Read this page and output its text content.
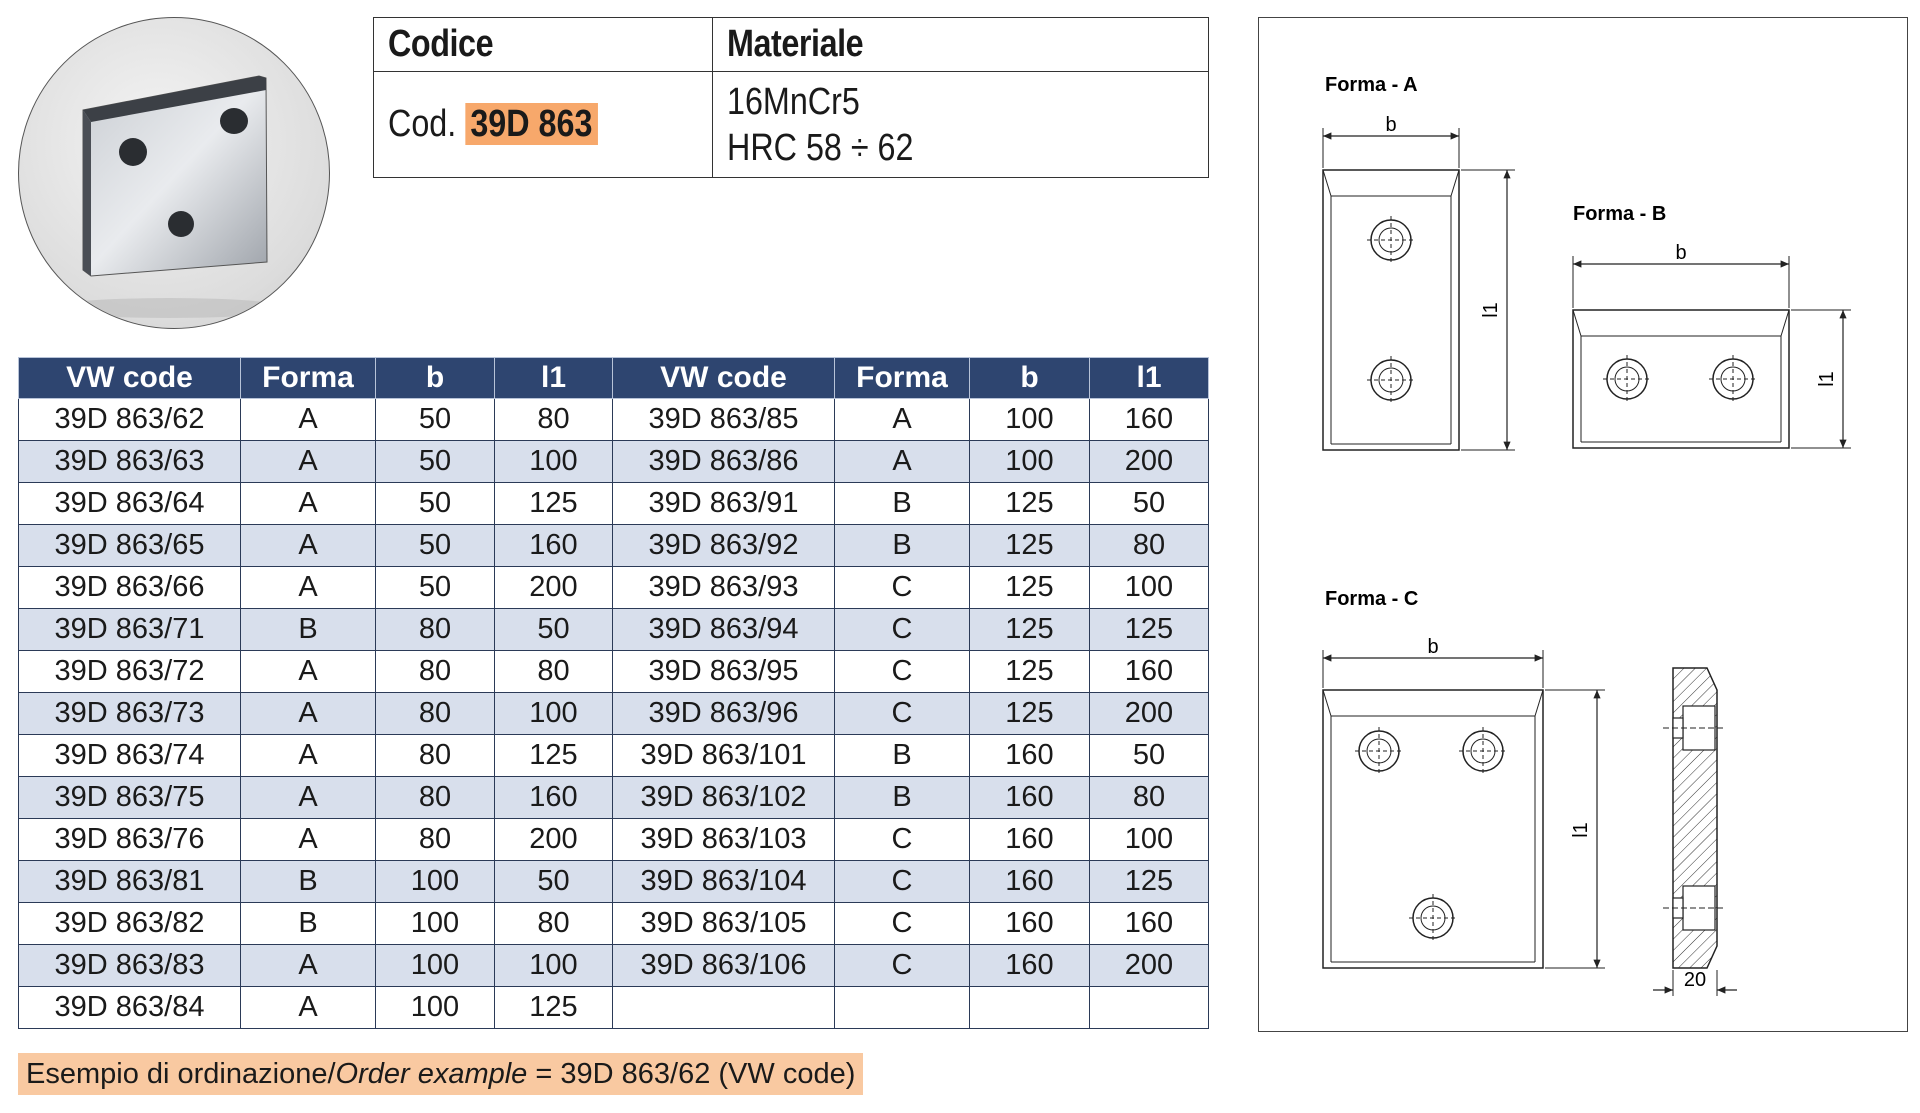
Codice	Materiale
Cod. 39D 863	16MnCr5
HRC 58 ÷ 62
VW code	Forma	b	l1	VW code	Forma	b	l1
39D 863/62	A	50	80	39D 863/85	A	100	160
39D 863/63	A	50	100	39D 863/86	A	100	200
39D 863/64	A	50	125	39D 863/91	B	125	50
39D 863/65	A	50	160	39D 863/92	B	125	80
39D 863/66	A	50	200	39D 863/93	C	125	100
39D 863/71	B	80	50	39D 863/94	C	125	125
39D 863/72	A	80	80	39D 863/95	C	125	160
39D 863/73	A	80	100	39D 863/96	C	125	200
39D 863/74	A	80	125	39D 863/101	B	160	50
39D 863/75	A	80	160	39D 863/102	B	160	80
39D 863/76	A	80	200	39D 863/103	C	160	100
39D 863/81	B	100	50	39D 863/104	C	160	125
39D 863/82	B	100	80	39D 863/105	C	160	160
39D 863/83	A	100	100	39D 863/106	C	160	200
39D 863/84	A	100	125				
Esempio di ordinazione/Order example = 39D 863/62 (VW code)
Forma - A
b
l1
Forma - B
b
l1
Forma - C
b
l1
20
